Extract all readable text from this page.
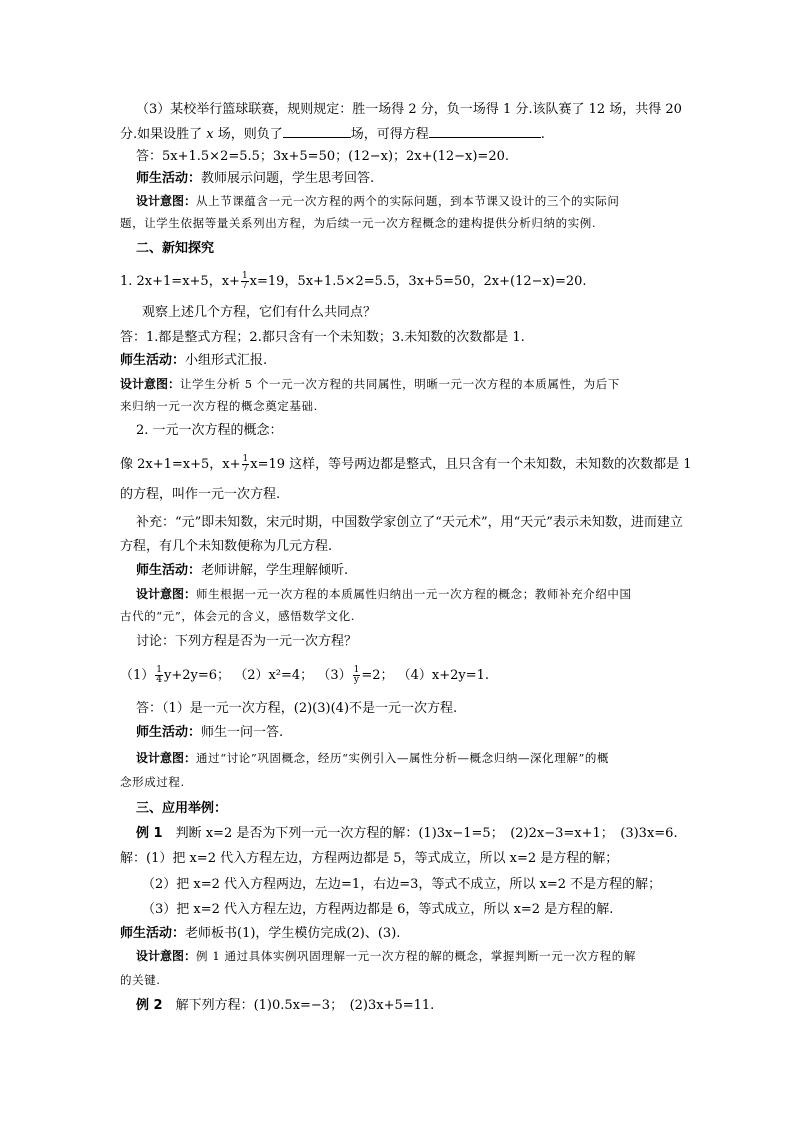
（3）某校举行篮球联赛，规则规定：胜一场得 2 分，负一场得 1 分.该队赛了 12 场，共得 20
分.如果设胜了 x 场，则负了	场，可得方程	.
答：5x+1.5×2=5.5；3x+5=50；(12−x)；2x+(12−x)=20.
师生活动：教师展示问题，学生思考回答.
设计意图：从上节课蕴含一元一次方程的两个的实际问题，到本节课又设计的三个的实际问
题，让学生依据等量关系列出方程，为后续一元一次方程概念的建构提供分析归纳的实例.
二、新知探究
1. 2x+1=x+5，$x+ \frac{1}{7} x=19$，5x+1.5×2=5.5，3x+5=50，2x+(12−x)=20.
观察上述几个方程，它们有什么共同点？
答：1.都是整式方程；2.都只含有一个未知数；3.未知数的次数都是 1.
师生活动：小组形式汇报.
设计意图：让学生分析 5 个一元一次方程的共同属性，明晰一元一次方程的本质属性，为后下
来归纳一元一次方程的概念奠定基础.
2. 一元一次方程的概念：
像 2x+1=x+5，$x+ \frac{1}{7} x=19$ 这样，等号两边都是整式，且只含有一个未知数，未知数的次数都是 1
的方程，叫作一元一次方程.
补充：“元”即未知数，宋元时期，中国数学家创立了“天元术”，用“天元”表示未知数，进而建立
方程，有几个未知数便称为几元方程.
师生活动：老师讲解，学生理解倾听.
设计意图：师生根据一元一次方程的本质属性归纳出一元一次方程的概念；教师补充介绍中国
古代的“元”，体会元的含义，感悟数学文化.
讨论：下列方程是否为一元一次方程？
$(1) \frac{1}{4} y+2y=6$； （2）x²=4； $(3) \frac{1}{y} =2$； （4）x+2y=1.
答：（1）是一元一次方程，(2)(3)(4)不是一元一次方程.
师生活动：师生一问一答.
设计意图：通过“讨论”巩固概念，经历“实例引入—属性分析—概念归纳—深化理解”的概
念形成过程.
三、应用举例：
例 1　 判断 x=2 是否为下列一元一次方程的解：(1)3x−1=5；　(2)2x−3=x+1；　(3)3x=6.
解：(1）把 x=2 代入方程左边，方程两边都是 5，等式成立，所以 x=2 是方程的解；
（2）把 x=2 代入方程两边，左边=1，右边=3，等式不成立，所以 x=2 不是方程的解；
（3）把 x=2 代入方程左边，方程两边都是 6，等式成立，所以 x=2 是方程的解.
师生活动：老师板书(1)，学生模仿完成(2)、(3).
设计意图：例 1 通过具体实例巩固理解一元一次方程的解的概念，掌握判断一元一次方程的解
的关键.
例 2　 解下列方程：(1)0.5x=−3；　(2)3x+5=11.
